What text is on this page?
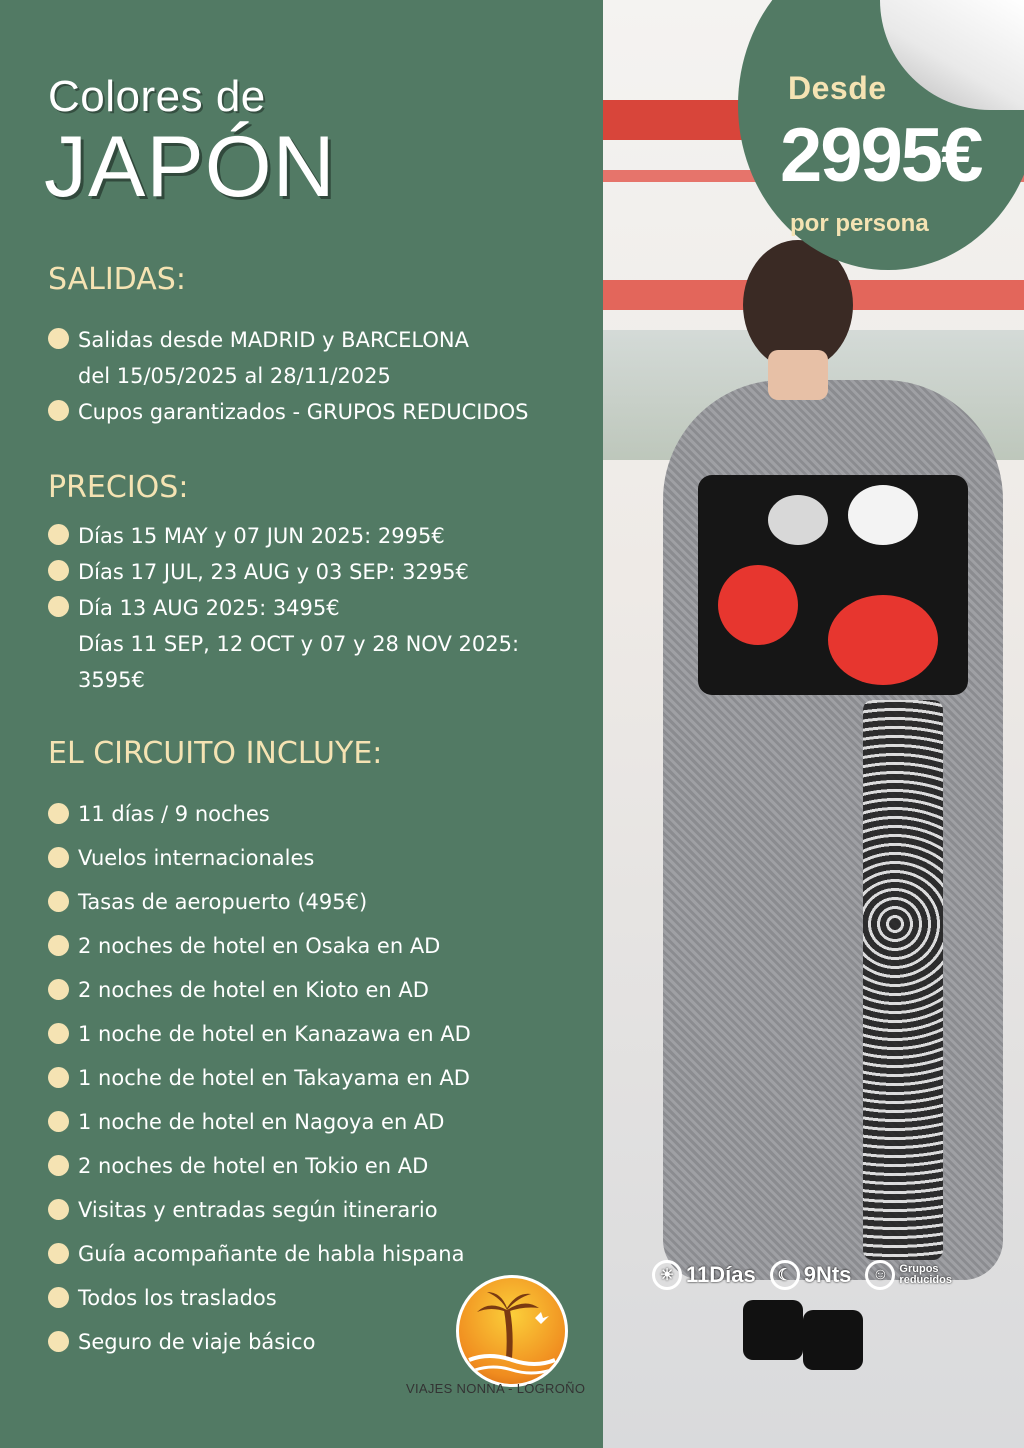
Colores de
JAPÓN
SALIDAS:
Salidas desde MADRID y BARCELONA
del 15/05/2025 al 28/11/2025
Cupos garantizados - GRUPOS REDUCIDOS
PRECIOS:
Días 15 MAY y 07 JUN 2025: 2995€
Días 17 JUL, 23 AUG y 03 SEP: 3295€
Día 13 AUG 2025: 3495€
Días 11 SEP, 12 OCT y 07 y 28 NOV 2025:
3595€
EL CIRCUITO INCLUYE:
11 días / 9 noches
Vuelos internacionales
Tasas de aeropuerto (495€)
2 noches de hotel en Osaka en AD
2 noches de hotel en Kioto en AD
1 noche de hotel en Kanazawa en AD
1 noche de hotel en Takayama en AD
1 noche de hotel en Nagoya en AD
2 noches de hotel en Tokio en AD
Visitas y entradas según itinerario
Guía acompañante de habla hispana
Todos los traslados
Seguro de viaje básico
Desde
2995€
por persona
☀ 11Días	☾ 9Nts	☺ Grupos reducidos
VIAJES NONNA - LOGROÑO
